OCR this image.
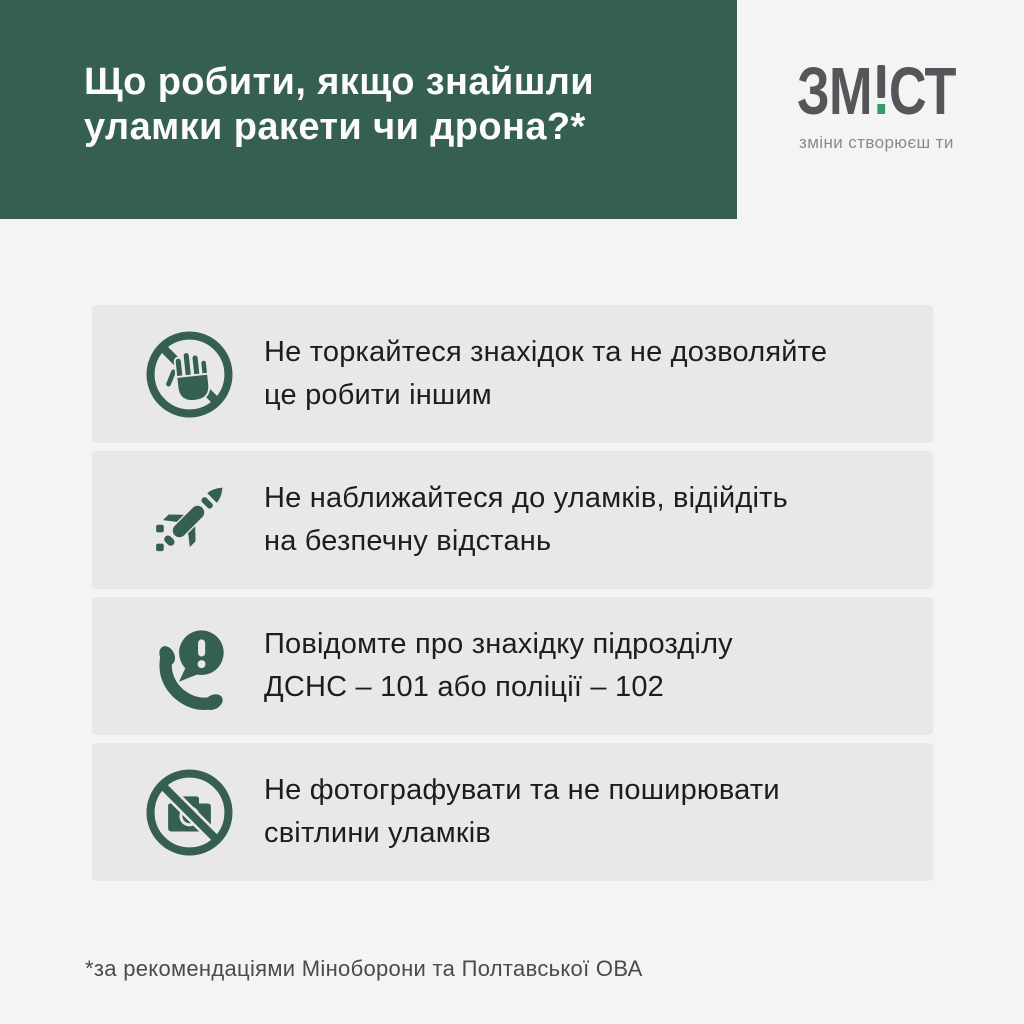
Що робити, якщо знайшли
уламки ракети чи дрона?*	ЗМ СТ
зміни створюєш ти
Не торкайтеся знахідок та не дозволяйте
це робити іншим
Не наближайтеся до уламків, відійдіть
на безпечну відстань
Повідомте про знахідку підрозділу
ДСНС – 101 або поліції – 102
Не фотографувати та не поширювати
світлини уламків
*за рекомендаціями Міноборони та Полтавської ОВА
